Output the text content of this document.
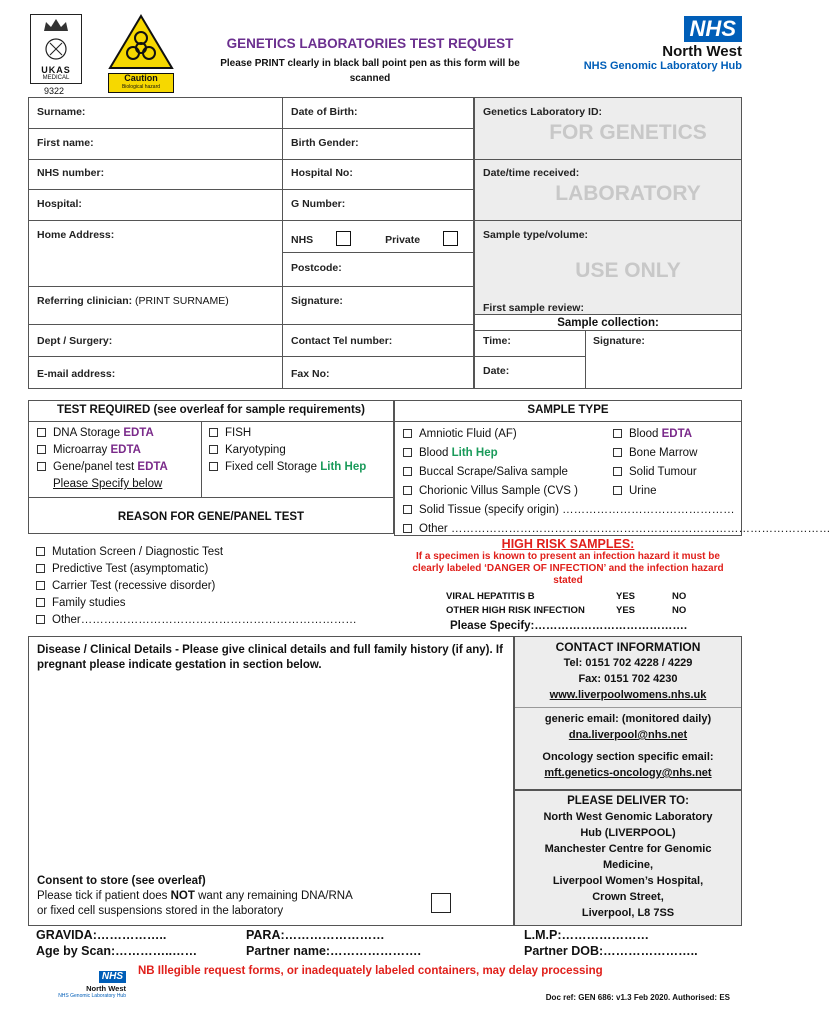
UKAS
MEDICAL
9322
Caution
Biological hazard
GENETICS LABORATORIES TEST REQUEST
Please PRINT clearly in black ball point pen as this form will be scanned
NHS
North West
NHS Genomic Laboratory Hub
Surname:
First name:
NHS number:
Hospital:
Home Address:
Referring clinician: (PRINT SURNAME)
Dept / Surgery:
E-mail address:
Date of Birth:
Birth Gender:
Hospital No:
G Number:
NHS	Private
Postcode:
Signature:
Contact Tel number:
Fax No:
Genetics Laboratory ID:
FOR GENETICS
Date/time received:
LABORATORY
Sample type/volume:
USE ONLY
First sample review:
Sample collection:
Time:	Signature:
Date:
TEST REQUIRED (see overleaf for sample requirements)
DNA Storage EDTA
Microarray EDTA
Gene/panel test EDTA
Please Specify below
FISH
Karyotyping
Fixed cell Storage Lith Hep
REASON FOR GENE/PANEL TEST
Mutation Screen / Diagnostic Test
Predictive Test (asymptomatic)
Carrier Test (recessive disorder)
Family studies
Other………………………………………………………………
SAMPLE TYPE
Amniotic Fluid (AF)
Blood Lith Hep
Buccal Scrape/Saliva sample
Chorionic Villus Sample (CVS )
Solid Tissue (specify origin) ………………………………………
Other ………………………………………………………………………………………
Blood EDTA
Bone Marrow
Solid Tumour
Urine
HIGH RISK SAMPLES:
If a specimen is known to present an infection hazard it must be clearly labeled ‘DANGER OF INFECTION’ and the infection hazard stated
VIRAL HEPATITIS B
OTHER HIGH RISK INFECTION
YES
YES
NO
NO
Please Specify:………………………………….
Disease / Clinical Details - Please give clinical details and full family history (if any). If pregnant please indicate gestation in section below.
Consent to store (see overleaf)
Please tick if patient does NOT want any remaining DNA/RNA
or fixed cell suspensions stored in the laboratory
CONTACT INFORMATION
Tel: 0151 702 4228 / 4229
Fax: 0151 702 4230
www.liverpoolwomens.nhs.uk
generic email: (monitored daily)
dna.liverpool@nhs.net
Oncology section specific email:
mft.genetics-oncology@nhs.net
PLEASE DELIVER TO:
North West Genomic Laboratory
Hub (LIVERPOOL)
Manchester Centre for Genomic
Medicine,
Liverpool Women’s Hospital,
Crown Street,
Liverpool, L8 7SS
GRAVIDA:……………..
Age by Scan:…………..……
PARA:……………………
Partner name:………………….
L.M.P:…………………
Partner DOB:…………………..
NHS
North West
NHS Genomic Laboratory Hub
NB Illegible request forms, or inadequately labeled containers, may delay processing
Doc ref: GEN 686: v1.3 Feb 2020. Authorised: ES
